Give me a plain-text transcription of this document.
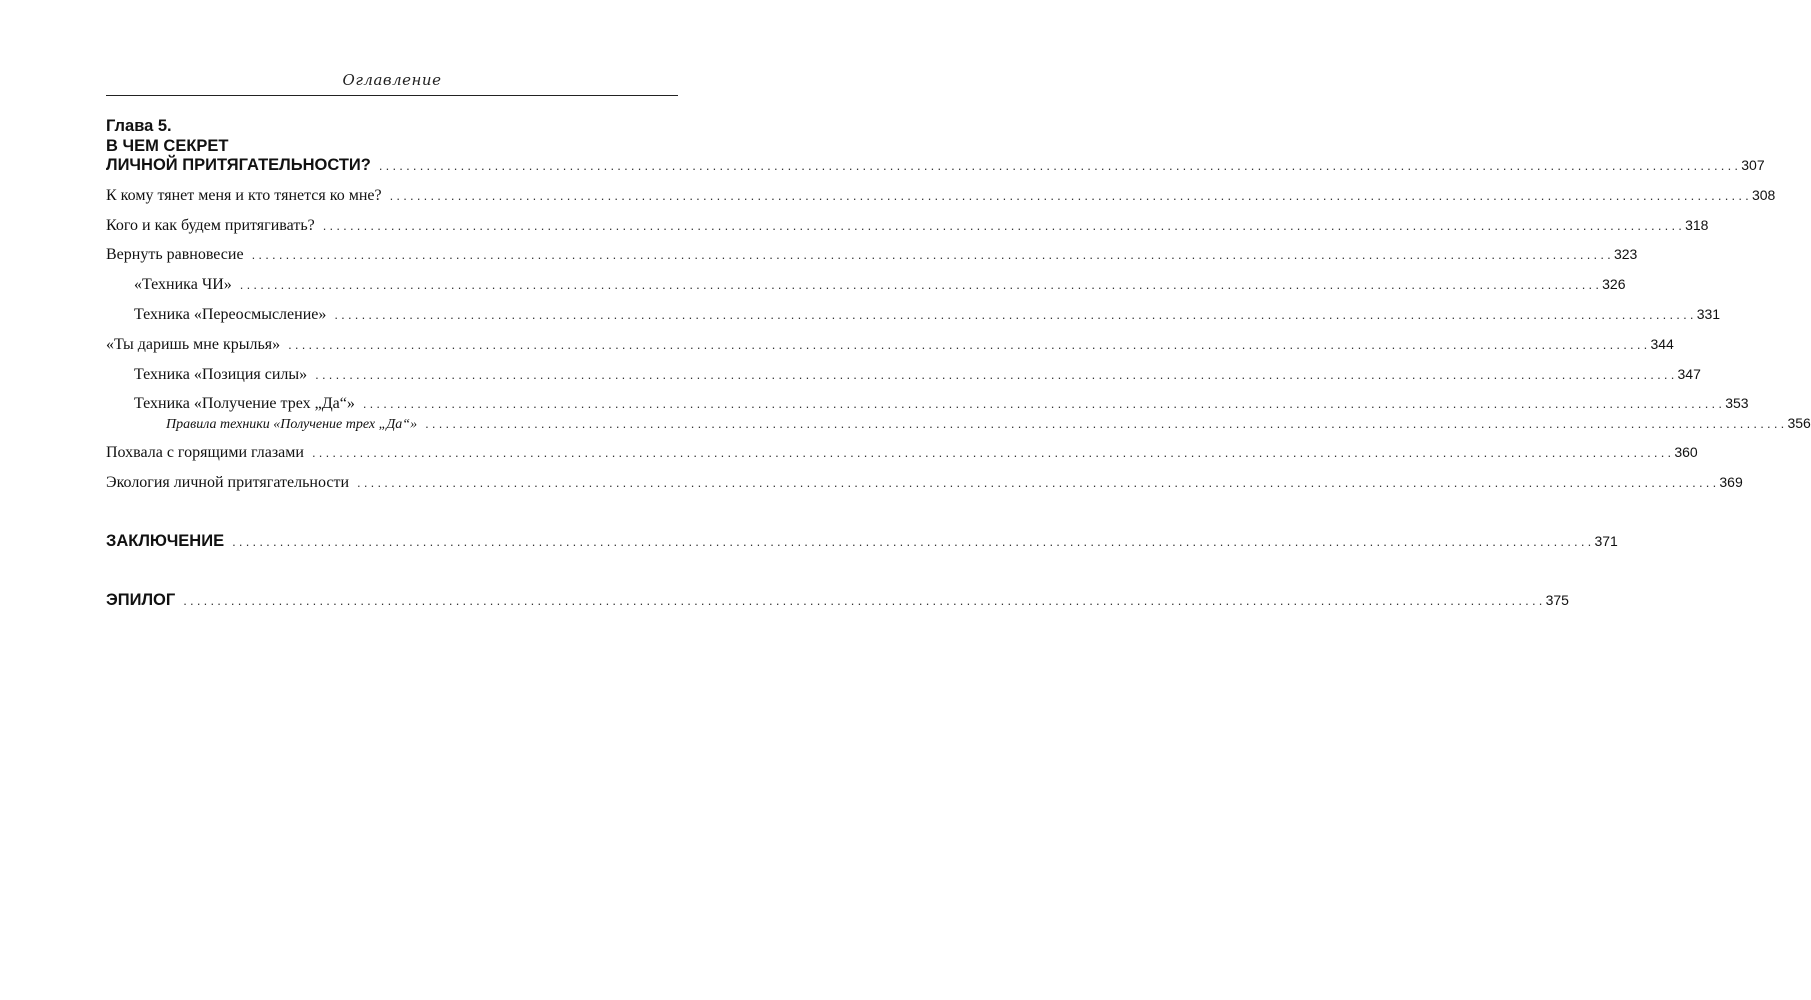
Оглавление
Глава 5.
В ЧЕМ СЕКРЕТ
ЛИЧНОЙ ПРИТЯГАТЕЛЬНОСТИ? ........................................................................................................................................................................................................ 307
К кому тянет меня и кто тянется ко мне? ........................................................................................................................................................................................................ 308
Кого и как будем притягивать? ........................................................................................................................................................................................................ 318
Вернуть равновесие ........................................................................................................................................................................................................ 323
«Техника ЧИ» ........................................................................................................................................................................................................ 326
Техника «Переосмысление» ........................................................................................................................................................................................................ 331
«Ты даришь мне крылья» ........................................................................................................................................................................................................ 344
Техника «Позиция силы» ........................................................................................................................................................................................................ 347
Техника «Получение трех „Да“» ........................................................................................................................................................................................................ 353
Правила техники «Получение трех „Да“» ........................................................................................................................................................................................................ 356
Похвала с горящими глазами ........................................................................................................................................................................................................ 360
Экология личной притягательности ........................................................................................................................................................................................................ 369
ЗАКЛЮЧЕНИЕ ........................................................................................................................................................................................................ 371
ЭПИЛОГ ........................................................................................................................................................................................................ 375
